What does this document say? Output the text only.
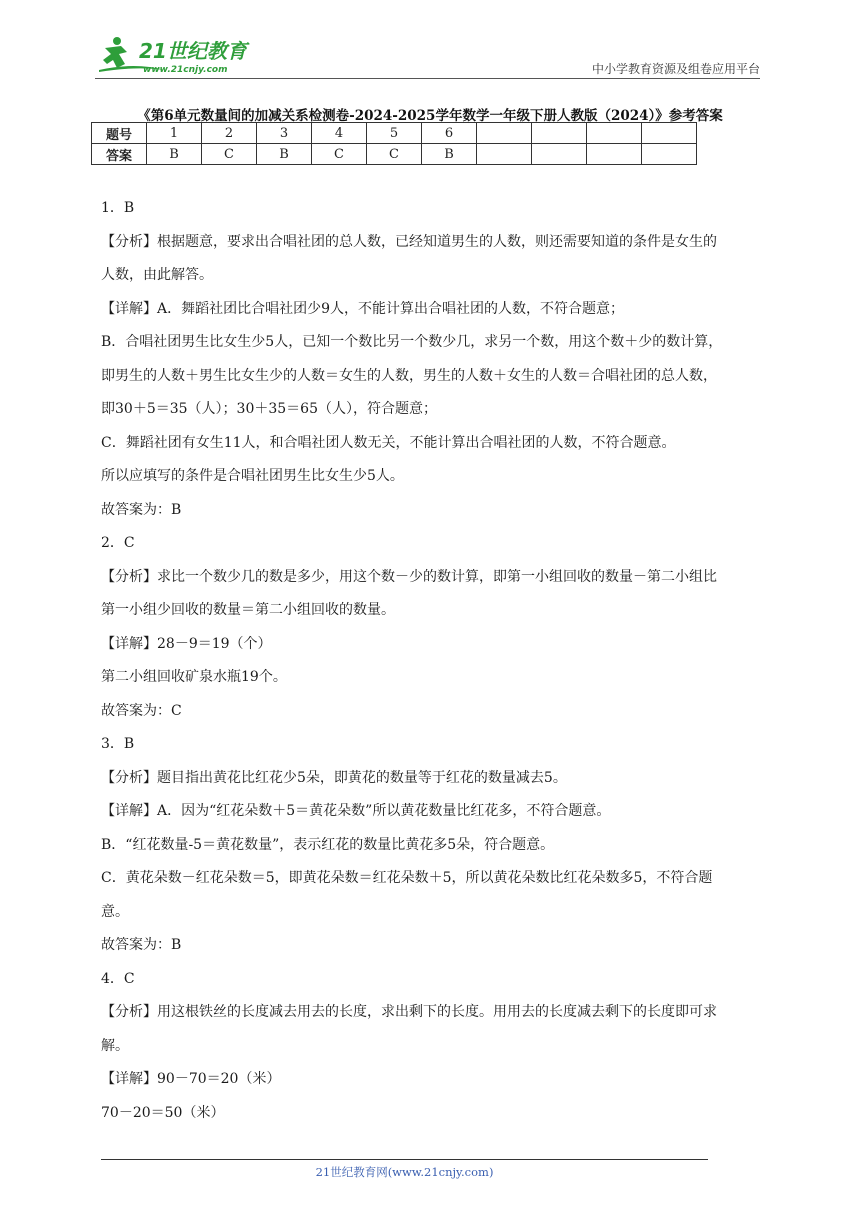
21世纪教育
www.21cnjy.com	中小学教育资源及组卷应用平台
《第6单元数量间的加减关系检测卷-2024-2025学年数学一年级下册人教版（2024）》参考答案
题号	1	2	3	4	5	6				
答案	B	C	B	C	C	B				

1．B

【分析】根据题意，要求出合唱社团的总人数，已经知道男生的人数，则还需要知道的条件是女生的

人数，由此解答。

【详解】A．舞蹈社团比合唱社团少9人，不能计算出合唱社团的人数，不符合题意；

B．合唱社团男生比女生少5人，已知一个数比另一个数少几，求另一个数，用这个数＋少的数计算，

即男生的人数＋男生比女生少的人数＝女生的人数，男生的人数＋女生的人数＝合唱社团的总人数，

即30＋5＝35（人）；30＋35＝65（人），符合题意；

C．舞蹈社团有女生11人，和合唱社团人数无关，不能计算出合唱社团的人数，不符合题意。

所以应填写的条件是合唱社团男生比女生少5人。

故答案为：B

2．C

【分析】求比一个数少几的数是多少，用这个数－少的数计算，即第一小组回收的数量－第二小组比

第一小组少回收的数量＝第二小组回收的数量。

【详解】28－9＝19（个）

第二小组回收矿泉水瓶19个。

故答案为：C

3．B

【分析】题目指出黄花比红花少5朵，即黄花的数量等于红花的数量减去5。

【详解】A．因为“红花朵数＋5＝黄花朵数”所以黄花数量比红花多，不符合题意。

B．“红花数量-5＝黄花数量”，表示红花的数量比黄花多5朵，符合题意。

C．黄花朵数－红花朵数＝5，即黄花朵数＝红花朵数＋5，所以黄花朵数比红花朵数多5，不符合题

意。

故答案为：B

4．C

【分析】用这根铁丝的长度减去用去的长度，求出剩下的长度。用用去的长度减去剩下的长度即可求

解。

【详解】90－70＝20（米）

70－20＝50（米）

21世纪教育网(www.21cnjy.com)
